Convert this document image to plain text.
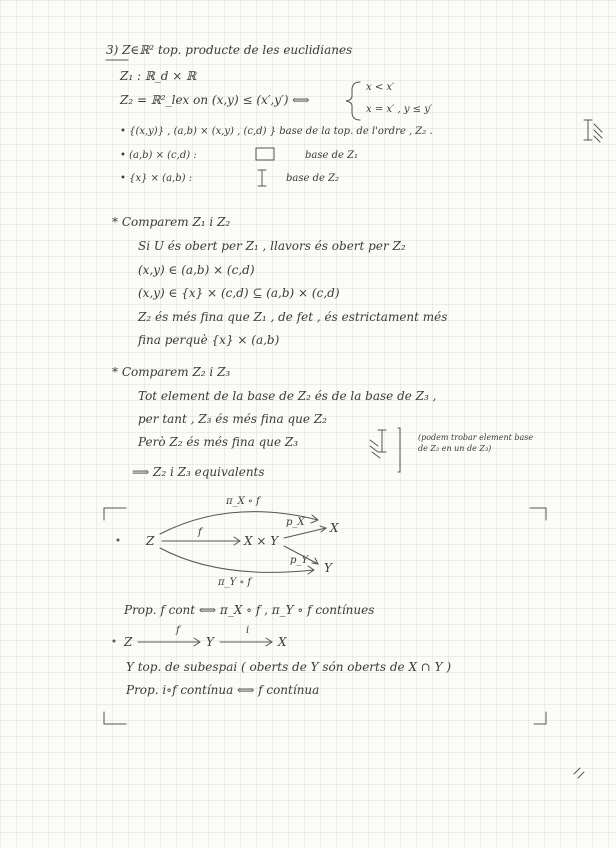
3) Z∈ℝ² top. producte de les euclidianes
Z₁ : ℝ_d × ℝ
Z₂ = ℝ²_lex on (x,y) ≤ (x′,y′) ⟺
x < x′
x = x′ , y ≤ y′
• {(x,y)} , (a,b) × (x,y) , (c,d) } base de la top. de l'ordre , Z₂ .
• (a,b) × (c,d) :	base de Z₁
• {x} × (a,b) :	base de Z₂
* Comparem Z₁ i Z₂
Si U és obert per Z₁ , llavors és obert per Z₂
(x,y) ∈ (a,b) × (c,d)
(x,y) ∈ {x} × (c,d) ⊆ (a,b) × (c,d)
Z₂ és més fina que Z₁ , de fet , és estrictament més
fina perquè {x} × (a,b)
* Comparem Z₂ i Z₃
Tot element de la base de Z₂ és de la base de Z₃ ,
per tant , Z₃ és més fina que Z₂
Però Z₂ és més fina que Z₃	(podem trobar element base
de Z₂ en un de Z₃)
⟹ Z₂ i Z₃ equivalents
π_X ∘ f
Z
f
X × Y
p_X X
p_Y
Y
π_Y ∘ f
Prop. f cont ⟺ π_X ∘ f , π_Y ∘ f contínues
Z
f
Y
i
X
Y top. de subespai ( oberts de Y són oberts de X ∩ Y )
Prop. i∘f contínua ⟺ f contínua
